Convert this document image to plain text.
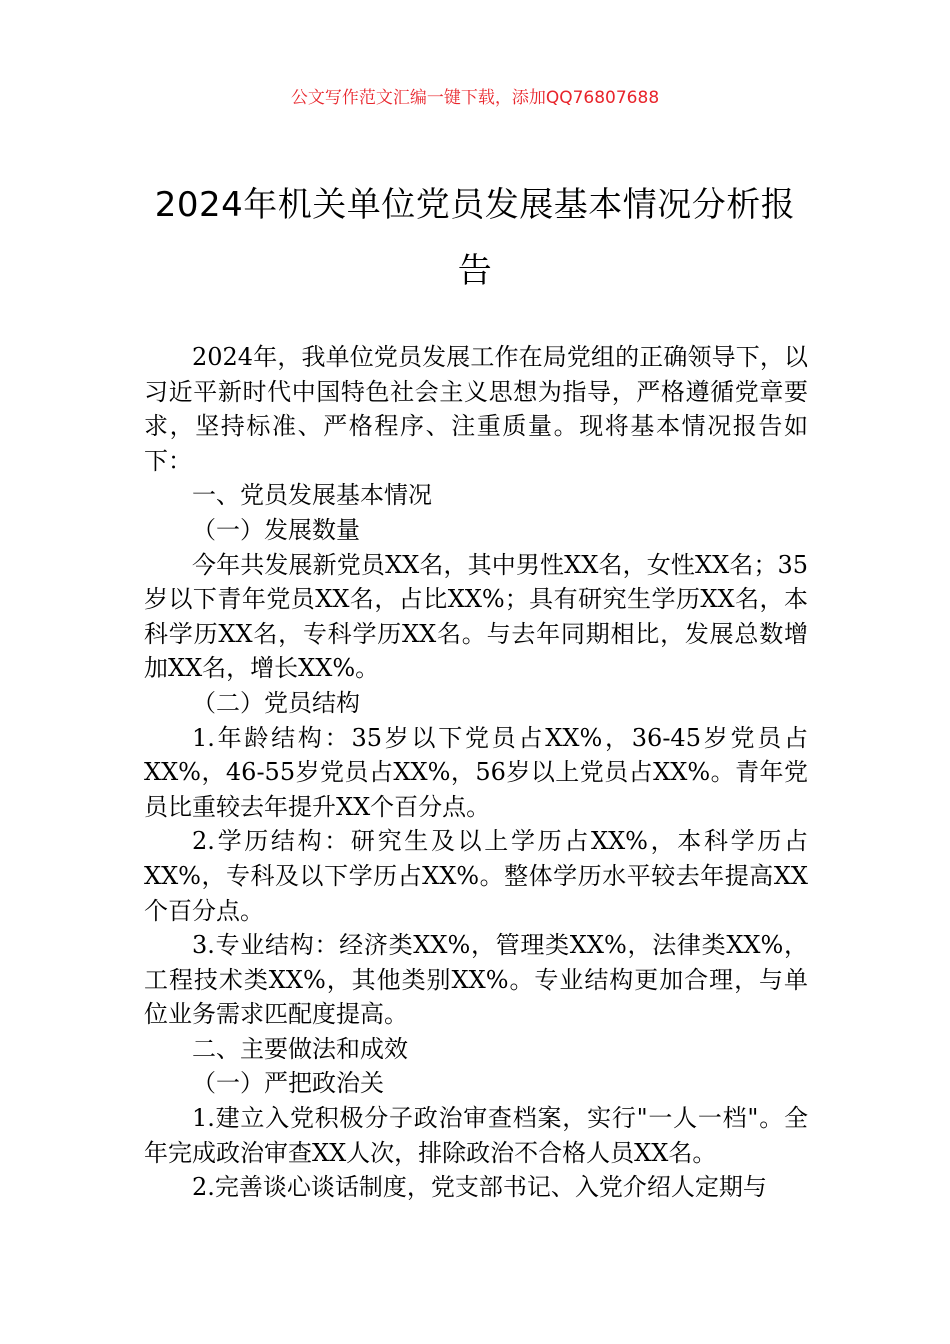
公文写作范文汇编一键下载，添加QQ76807688
2024年机关单位党员发展基本情况分析报告

2024年，我单位党员发展工作在局党组的正确领导下，以习近平新时代中国特色社会主义思想为指导，严格遵循党章要求，坚持标准、严格程序、注重质量。现将基本情况报告如下：

一、党员发展基本情况

（一）发展数量

今年共发展新党员XX名，其中男性XX名，女性XX名；35岁以下青年党员XX名，占比XX%；具有研究生学历XX名，本科学历XX名，专科学历XX名。与去年同期相比，发展总数增加XX名，增长XX%。

（二）党员结构

1.年龄结构：35岁以下党员占XX%，36-45岁党员占XX%，46-55岁党员占XX%，56岁以上党员占XX%。青年党员比重较去年提升XX个百分点。

2.学历结构：研究生及以上学历占XX%，本科学历占XX%，专科及以下学历占XX%。整体学历水平较去年提高XX个百分点。

3.专业结构：经济类XX%，管理类XX%，法律类XX%，工程技术类XX%，其他类别XX%。专业结构更加合理，与单位业务需求匹配度提高。

二、主要做法和成效

（一）严把政治关

1.建立入党积极分子政治审查档案，实行"一人一档"。全年完成政治审查XX人次，排除政治不合格人员XX名。

2.完善谈心谈话制度，党支部书记、入党介绍人定期与
